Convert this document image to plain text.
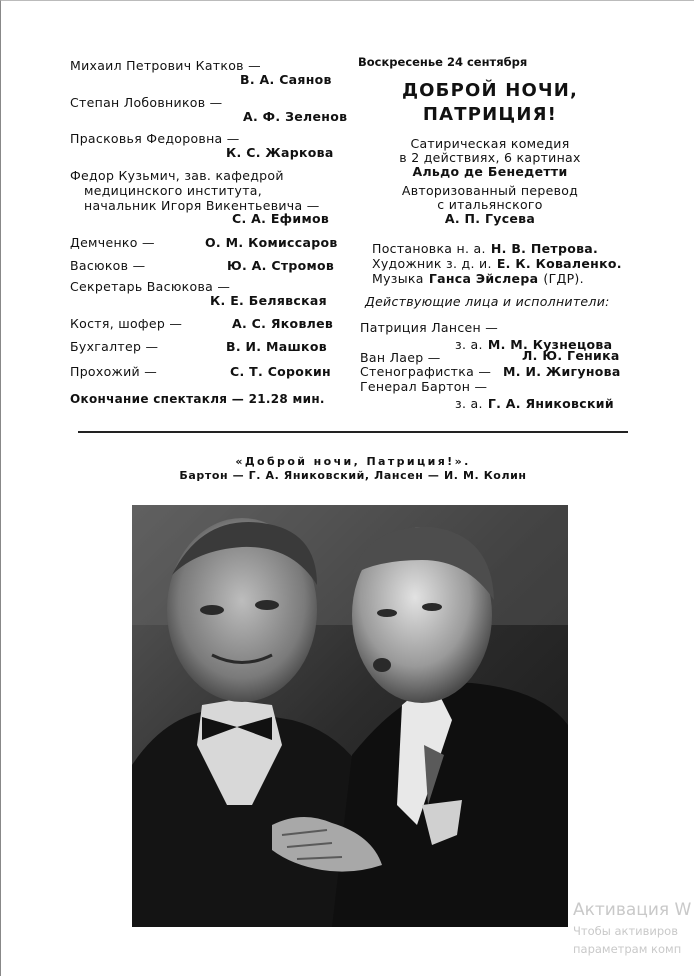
Михаил Петрович Катков —
В. А. Саянов
Степан Лобовников —
А. Ф. Зеленов
Прасковья Федоровна —
К. С. Жаркова
Федор Кузьмич, зав. кафедрой
медицинского института,
начальник Игоря Викентьевича —
С. А. Ефимов
Демченко —	О. М. Комиссаров
Васюков —	Ю. А. Стромов
Секретарь Васюкова —
К. Е. Белявская
Костя, шофер —	А. С. Яковлев
Бухгалтер —	В. И. Машков
Прохожий —	С. Т. Сорокин
Окончание спектакля — 21.28 мин.
Воскресенье 24 сентября
ДОБРОЙ НОЧИ,
ПАТРИЦИЯ!
Сатирическая комедия
в 2 действиях, 6 картинах
Альдо де Бенедетти
Авторизованный перевод
с итальянского
А. П. Гусева
Постановка н. а. Н. В. Петрова.
Художник з. д. и. Е. К. Коваленко.
Музыка Ганса Эйслера (ГДР).
Действующие лица и исполнители:
Патриция Лансен —
з. а. М. М. Кузнецова
Ван Лаер —	Л. Ю. Геника
Стенографистка — М. И. Жигунова
Генерал Бартон —
з. а. Г. А. Яниковский
«Доброй ночи, Патриция!».
Бартон — Г. А. Яниковский, Лансен — И. М. Колин
Активация W
Чтобы активиров
параметрам комп
